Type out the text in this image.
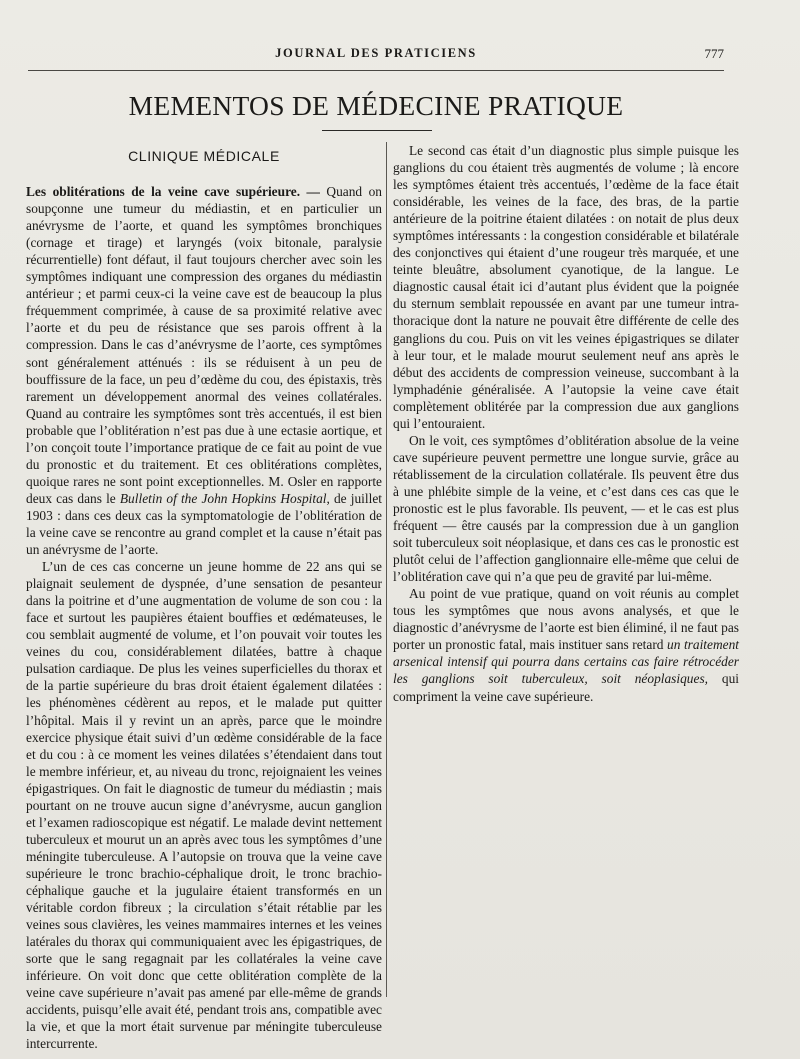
JOURNAL DES PRATICIENS	777
MEMENTOS DE MÉDECINE PRATIQUE
CLINIQUE MÉDICALE

Les oblitérations de la veine cave supérieure. — Quand on soupçonne une tumeur du médiastin, et en particulier un anévrysme de l’aorte, et quand les symptômes bronchiques (cornage et tirage) et laryngés (voix bitonale, paralysie récurrentielle) font défaut, il faut toujours chercher avec soin les symptômes indiquant une compression des organes du médiastin antérieur ; et parmi ceux-ci la veine cave est de beaucoup la plus fréquemment comprimée, à cause de sa proximité relative avec l’aorte et du peu de résistance que ses parois offrent à la compression. Dans le cas d’anévrysme de l’aorte, ces symptômes sont généralement atténués : ils se réduisent à un peu de bouffissure de la face, un peu d’œdème du cou, des épistaxis, très rarement un développement anormal des veines collatérales. Quand au contraire les symptômes sont très accentués, il est bien probable que l’oblitération n’est pas due à une ectasie aortique, et l’on conçoit toute l’importance pratique de ce fait au point de vue du pronostic et du traitement. Et ces oblitérations complètes, quoique rares ne sont point exceptionnelles. M. Osler en rapporte deux cas dans le Bulletin of the John Hopkins Hospital, de juillet 1903 : dans ces deux cas la symptomatologie de l’oblitération de la veine cave se rencontre au grand complet et la cause n’était pas un anévrysme de l’aorte.

L’un de ces cas concerne un jeune homme de 22 ans qui se plaignait seulement de dyspnée, d’une sensation de pesanteur dans la poitrine et d’une augmentation de volume de son cou : la face et surtout les paupières étaient bouffies et œdémateuses, le cou semblait augmenté de volume, et l’on pouvait voir toutes les veines du cou, considérablement dilatées, battre à chaque pulsation cardiaque. De plus les veines superficielles du thorax et de la partie supérieure du bras droit étaient également dilatées : les phénomènes cédèrent au repos, et le malade put quitter l’hôpital. Mais il y revint un an après, parce que le moindre exercice physique était suivi d’un œdème considérable de la face et du cou : à ce moment les veines dilatées s’étendaient dans tout le membre inférieur, et, au niveau du tronc, rejoignaient les veines épigastriques. On fait le diagnostic de tumeur du médiastin ; mais pourtant on ne trouve aucun signe d’anévrysme, aucun ganglion et l’examen radioscopique est négatif. Le malade devint nettement tuberculeux et mourut un an après avec tous les symptômes d’une méningite tuberculeuse. A l’autopsie on trouva que la veine cave supérieure le tronc brachio-céphalique droit, le tronc brachio-céphalique gauche et la jugulaire étaient transformés en un véritable cordon fibreux ; la circulation s’était rétablie par les veines sous clavières, les veines mammaires internes et les veines latérales du thorax qui communiquaient avec les épigastriques, de sorte que le sang regagnait par les collatérales la veine cave inférieure. On voit donc que cette oblitération complète de la veine cave supérieure n’avait pas amené par elle-même de grands accidents, puisqu’elle avait été, pendant trois ans, compatible avec la vie, et que la mort était survenue par méningite tuberculeuse intercurrente.

Le second cas était d’un diagnostic plus simple puisque les ganglions du cou étaient très augmentés de volume ; là encore les symptômes étaient très accentués, l’œdème de la face était considérable, les veines de la face, des bras, de la partie antérieure de la poitrine étaient dilatées : on notait de plus deux symptômes intéressants : la congestion considérable et bilatérale des conjonctives qui étaient d’une rougeur très marquée, et une teinte bleuâtre, absolument cyanotique, de la langue. Le diagnostic causal était ici d’autant plus évident que la poignée du sternum semblait repoussée en avant par une tumeur intra-thoracique dont la nature ne pouvait être différente de celle des ganglions du cou. Puis on vit les veines épigastriques se dilater à leur tour, et le malade mourut seulement neuf ans après le début des accidents de compression veineuse, succombant à la lymphadénie généralisée. A l’autopsie la veine cave était complètement oblitérée par la compression due aux ganglions qui l’entouraient.

On le voit, ces symptômes d’oblitération absolue de la veine cave supérieure peuvent permettre une longue survie, grâce au rétablissement de la circulation collatérale. Ils peuvent être dus à une phlébite simple de la veine, et c’est dans ces cas que le pronostic est le plus favorable. Ils peuvent, — et le cas est plus fréquent — être causés par la compression due à un ganglion soit tuberculeux soit néoplasique, et dans ces cas le pronostic est plutôt celui de l’affection ganglionnaire elle-même que celui de l’oblitération cave qui n’a que peu de gravité par lui-même.

Au point de vue pratique, quand on voit réunis au complet tous les symptômes que nous avons analysés, et que le diagnostic d’anévrysme de l’aorte est bien éliminé, il ne faut pas porter un pronostic fatal, mais instituer sans retard un traitement arsenical intensif qui pourra dans certains cas faire rétrocéder les ganglions soit tuberculeux, soit néoplasiques, qui compriment la veine cave supérieure.
